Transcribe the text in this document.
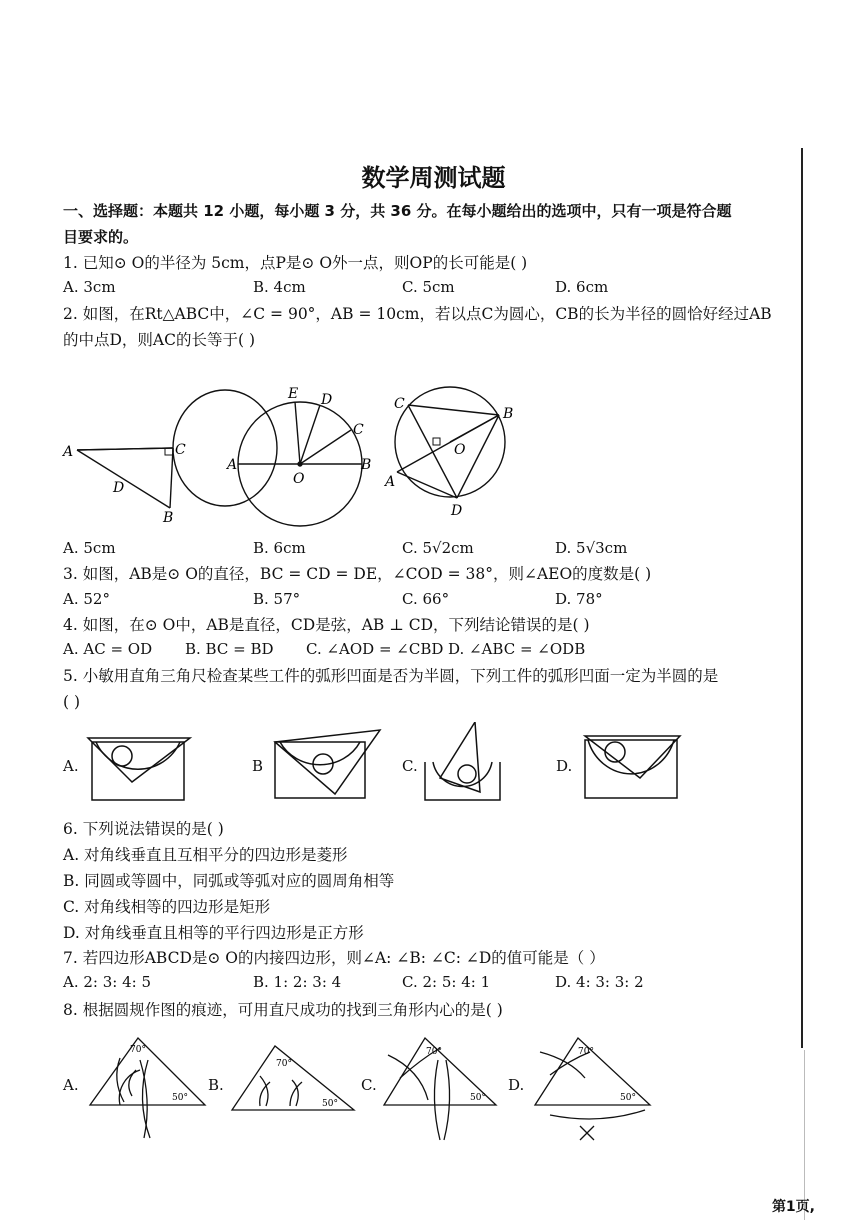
数学周测试题
一、选择题：本题共 12 小题，每小题 3 分，共 36 分。在每小题给出的选项中，只有一项是符合题
目要求的。
1. 已知⊙ O的半径为 5cm，点P是⊙ O外一点，则OP的长可能是( )
A. 3cm	B. 4cm	C. 5cm	D. 6cm
2. 如图，在Rt△ABC中，∠C = 90°，AB = 10cm，若以点C为圆心，CB的长为半径的圆恰好经过AB
的中点D，则AC的长等于( )
A	C
D
B
E D
C
A
O
B
C
B
O
A
D
A. 5cm	B. 6cm	C. 5√2cm	D. 5√3cm
3. 如图，AB是⊙ O的直径，BC = CD = DE，∠COD = 38°，则∠AEO的度数是( )
A. 52°	B. 57°	C. 66°	D. 78°
4. 如图，在⊙ O中，AB是直径，CD是弦，AB ⊥ CD，下列结论错误的是( )
A. AC = OD B. BC = BD C. ∠AOD = ∠CBD D. ∠ABC = ∠ODB
5. 小敏用直角三角尺检查某些工件的弧形凹面是否为半圆，下列工件的弧形凹面一定为半圆的是
( )
A.	B	C.	D.
6. 下列说法错误的是( )
A. 对角线垂直且互相平分的四边形是菱形
B. 同圆或等圆中，同弧或等弧对应的圆周角相等
C. 对角线相等的四边形是矩形
D. 对角线垂直且相等的平行四边形是正方形
7. 若四边形ABCD是⊙ O的内接四边形，则∠A: ∠B: ∠C: ∠D的值可能是（ ）
A. 2: 3: 4: 5	B. 1: 2: 3: 4	C. 2: 5: 4: 1	D. 4: 3: 3: 2
8. 根据圆规作图的痕迹，可用直尺成功的找到三角形内心的是( )
A.	B.	C.	D.
70°
50°
70°
50°
70°
50°
70°
50°
第1页,
